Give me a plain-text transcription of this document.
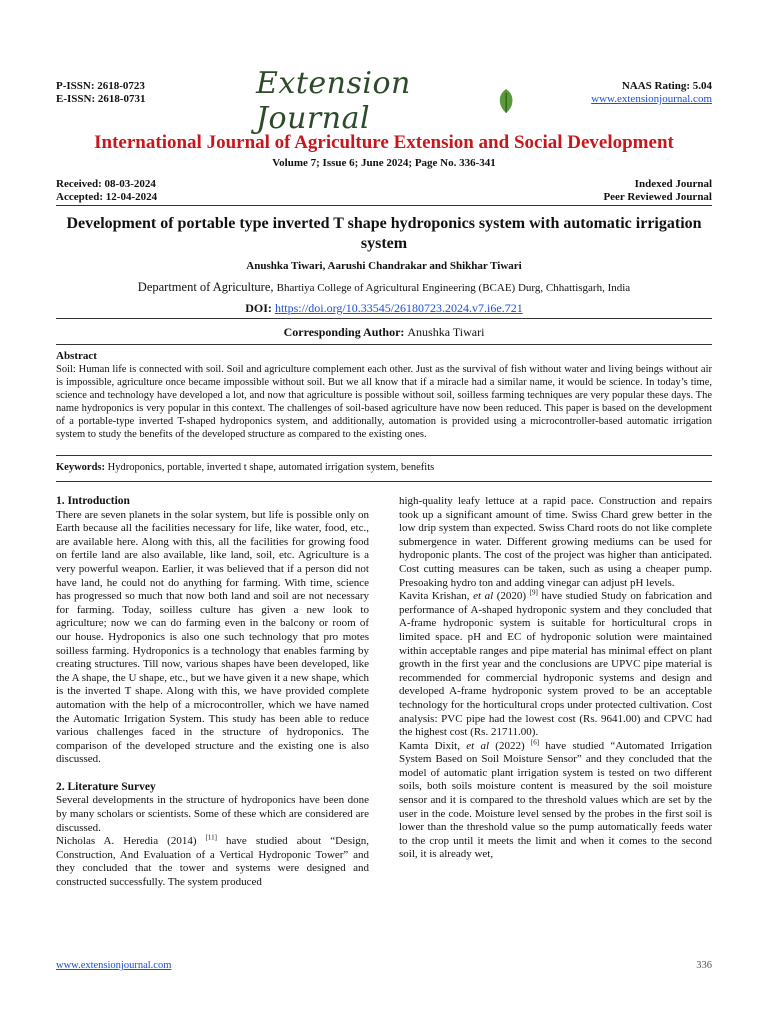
P-ISSN: 2618-0723
E-ISSN: 2618-0731	Extension Journal
NAAS Rating: 5.04
www.extensionjournal.com
International Journal of Agriculture Extension and Social Development
Volume 7; Issue 6; June 2024; Page No. 336-341
Received: 08-03-2024
Accepted: 12-04-2024
Indexed Journal
Peer Reviewed Journal
Development of portable type inverted T shape hydroponics system with automatic irrigation system
Anushka Tiwari, Aarushi Chandrakar and Shikhar Tiwari
Department of Agriculture, Bhartiya College of Agricultural Engineering (BCAE) Durg, Chhattisgarh, India
DOI: https://doi.org/10.33545/26180723.2024.v7.i6e.721
Corresponding Author: Anushka Tiwari
Abstract
Soil: Human life is connected with soil. Soil and agriculture complement each other. Just as the survival of fish without water and living beings without air is impossible, agriculture once became impossible without soil. But we all know that if a miracle had a similar name, it would be science. In today’s time, science and technology have developed a lot, and now that agriculture is possible without soil, soilless farming techniques are very popular these days. The name hydroponics is very popular in this context. The challenges of soil-based agriculture have now been reduced. This paper is based on the development of a portable-type inverted T-shaped hydroponics system, and additionally, automation is provided using a microcontroller-based automatic irrigation system to study the benefits of the developed structure as compared to the existing ones.
Keywords: Hydroponics, portable, inverted t shape, automated irrigation system, benefits
1. Introduction

There are seven planets in the solar system, but life is possible only on Earth because all the facilities necessary for life, like water, food, etc., are available here. Along with this, all the facilities for growing food on fertile land are also available, like land, soil, etc. Agriculture is a very powerful weapon. Earlier, it was believed that if a person did not have land, he could not do anything for farming. With time, science has progressed so much that now both land and soil are not necessary for farming. Today, soilless culture has given a new look to agriculture; now we can do farming even in the balcony or room of our house. Hydroponics is also one such technology that pro motes soilless farming. Hydroponics is a technology that enables farming by creating structures. Till now, various shapes have been developed, like the A shape, the U shape, etc., but we have given it a new shape, which is the inverted T shape. Along with this, we have provided complete automation with the help of a microcontroller, which we have named the Automatic Irrigation System. This study has been able to reduce various challenges faced in the structure of hydroponics. The comparison of the developed structure and the existing one is also discussed.

2. Literature Survey

Several developments in the structure of hydroponics have been done by many scholars or scientists. Some of these which are considered are discussed.

Nicholas A. Heredia (2014) [11] have studied about “Design, Construction, And Evaluation of a Vertical Hydroponic Tower” and they concluded that the tower and systems were designed and constructed successfully. The system produced

high-quality leafy lettuce at a rapid pace. Construction and repairs took up a significant amount of time. Swiss Chard grew better in the low drip system than expected. Swiss Chard roots do not like complete submergence in water. Different growing mediums can be used for hydroponic plants. The cost of the project was higher than anticipated. Cost cutting measures can be taken, such as using a cheaper pump. Presoaking hydro ton and adding vinegar can adjust pH levels.

Kavita Krishan, et al (2020) [9] have studied Study on fabrication and performance of A-shaped hydroponic system and they concluded that A-frame hydroponic system is suitable for horticultural crops in limited space. pH and EC of hydroponic solution were maintained within acceptable ranges and pipe material has minimal effect on plant growth in the first year and the conclusions are UPVC pipe material is recommended for commercial hydroponic systems and design and developed A-frame hydroponic system proved to be an acceptable technology for the horticultural crops under protected cultivation. Cost analysis: PVC pipe had the lowest cost (Rs. 9641.00) and CPVC had the highest cost (Rs. 21711.00).

Kamta Dixit, et al (2022) [6] have studied “Automated Irrigation System Based on Soil Moisture Sensor” and they concluded that the model of automatic plant irrigation system is tested on two different soils, both soils moisture content is measured by the soil moisture sensor and it is compared to the threshold values which are set by the user in the code. Moisture level sensed by the probes in the first soil is lower than the threshold value so the pump automatically feeds water to the crop until it meets the limit and when it comes to the second soil, it is already wet,

www.extensionjournal.com	336
